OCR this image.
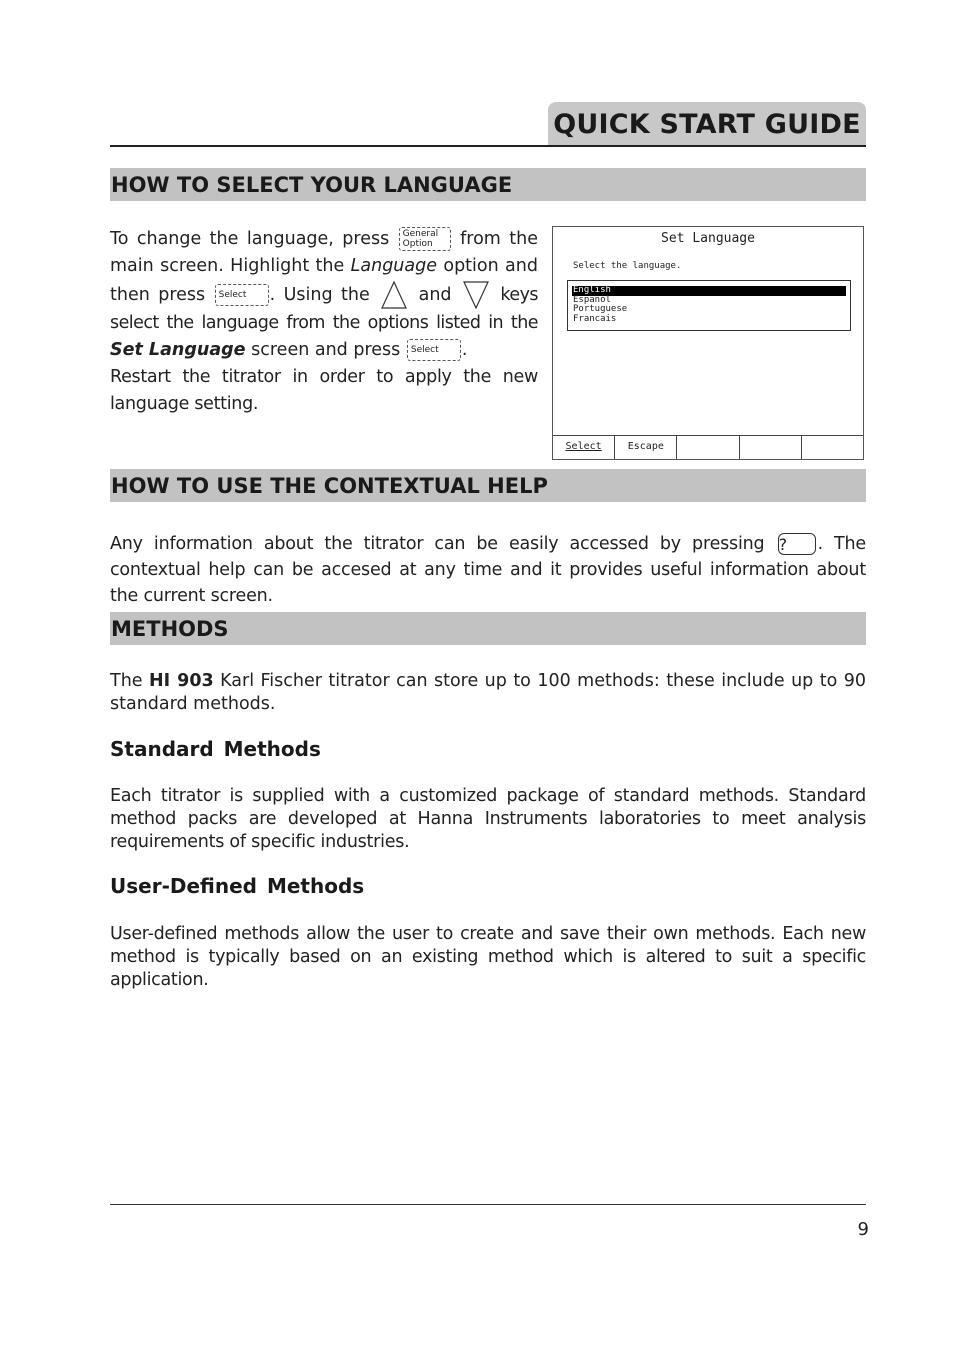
QUICK START GUIDE
HOW TO SELECT YOUR LANGUAGE
To change the language, press General
Option from the main screen. Highlight the Language option and then press Select . Using the	and	keys select the language from the options listed in the Set Language screen and press Select .
Restart the titrator in order to apply the new language setting.
Set Language
Select the language.
English
Espanol
Portuguese
Francais
Select	Escape
HOW TO USE THE CONTEXTUAL HELP
Any information about the titrator can be easily accessed by pressing ? . The contextual help can be accesed at any time and it provides useful information about the current screen.
METHODS
The HI 903 Karl Fischer titrator can store up to 100 methods: these include up to 90 standard methods.
Standard Methods
Each titrator is supplied with a customized package of standard methods. Standard method packs are developed at Hanna Instruments laboratories to meet analysis requirements of specific industries.
User-Defined Methods
User-defined methods allow the user to create and save their own methods. Each new method is typically based on an existing method which is altered to suit a specific application.
9
